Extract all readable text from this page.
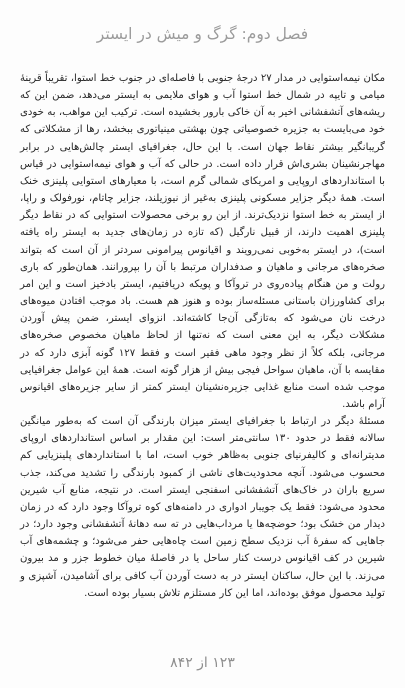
فصل دوم: گرگ و میش در ایستر

مکان نیمه‌استوایی در مدار ۲۷ درجهٔ جنوبی با فاصله‌ای در جنوب خط استوا، تقریباً قرینهٔ میامی و تایپه در شمال خط استوا آب و هوای ملایمی به ایستر می‌دهد، ضمن این که ریشه‌های آتشفشانی اخیر به آن خاکی بارور بخشیده است. ترکیب این مواهب، به خودی خود می‌بایست به جزیره خصوصیاتی چون بهشتی مینیاتوری ببخشد، رها از مشکلاتی که گریبانگیر بیشتر نقاط جهان است. با این حال، جغرافیای ایستر چالش‌هایی در برابر مهاجرنشینان بشری‌اش قرار داده است. در حالی که آب و هوای نیمه‌استوایی در قیاس با استانداردهای اروپایی و امریکای شمالی گرم است، با معیارهای استوایی پلینزی خنک است. همهٔ دیگر جزایر مسکونی پلینزی به‌غیر از نیوزیلند، جزایر چاتام، نورفولک و راپا، از ایستر به خط استوا نزدیک‌ترند. از این رو برخی محصولات استوایی که در نقاط دیگر پلینزی اهمیت دارند، از قبیل نارگیل (که تازه در زمان‌های جدید به ایستر راه یافته است)، در ایستر به‌خوبی نمی‌رویند و اقیانوس پیرامونی سردتر از آن است که بتواند صخره‌های مرجانی و ماهیان و صدفداران مرتبط با آن را بپرورانند. همان‌طور که باری رولت و من هنگام پیاده‌روی در تروآکا و پویکه دریافتیم، ایستر بادخیز است و این امر برای کشاورزان باستانی مسئله‌ساز بوده و هنوز هم هست. باد موجب افتادن میوه‌های درخت نان می‌شود که به‌تازگی آن‌جا کاشته‌اند. انزوای ایستر، ضمن پیش آوردن مشکلات دیگر، به این معنی است که نه‌تنها از لحاظ ماهیان مخصوص صخره‌های مرجانی، بلکه کلاً از نظر وجود ماهی فقیر است و فقط ۱۲۷ گونه آبزی دارد که در مقایسه با آن، ماهیان سواحل فیجی بیش از هزار گونه است. همهٔ این عوامل جغرافیایی موجب شده است منابع غذایی جزیره‌نشینان ایستر کمتر از سایر جزیره‌های اقیانوس آرام باشد.

مسئلهٔ دیگر در ارتباط با جغرافیای ایستر میزان بارندگی آن است که به‌طور میانگین سالانه فقط در حدود ۱۳۰ سانتی‌متر است: این مقدار بر اساس استانداردهای اروپای مدیترانه‌ای و کالیفرنیای جنوبی به‌ظاهر خوب است، اما با استانداردهای پلینزیایی کم محسوب می‌شود. آنچه محدودیت‌های ناشی از کمبود بارندگی را تشدید می‌کند، جذب سریع باران در خاک‌های آتشفشانی اسفنجی ایستر است. در نتیجه، منابع آب شیرین محدود می‌شود: فقط یک جویبار ادواری در دامنه‌های کوه تروآکا وجود دارد که در زمان دیدار من خشک بود؛ حوضچه‌ها یا مرداب‌هایی در ته سه دهانهٔ آتشفشانی وجود دارد؛ در جاهایی که سفرهٔ آب نزدیک سطح زمین است چاه‌هایی حفر می‌شود؛ و چشمه‌های آب شیرین در کف اقیانوس درست کنار ساحل یا در فاصلهٔ میان خطوط جزر و مد بیرون می‌زند. با این حال، ساکنان ایستر در به دست آوردن آب کافی برای آشامیدن، آشپزی و تولید محصول موفق بوده‌اند، اما این کار مستلزم تلاش بسیار بوده است.

۱۲۳ از ۸۴۲
